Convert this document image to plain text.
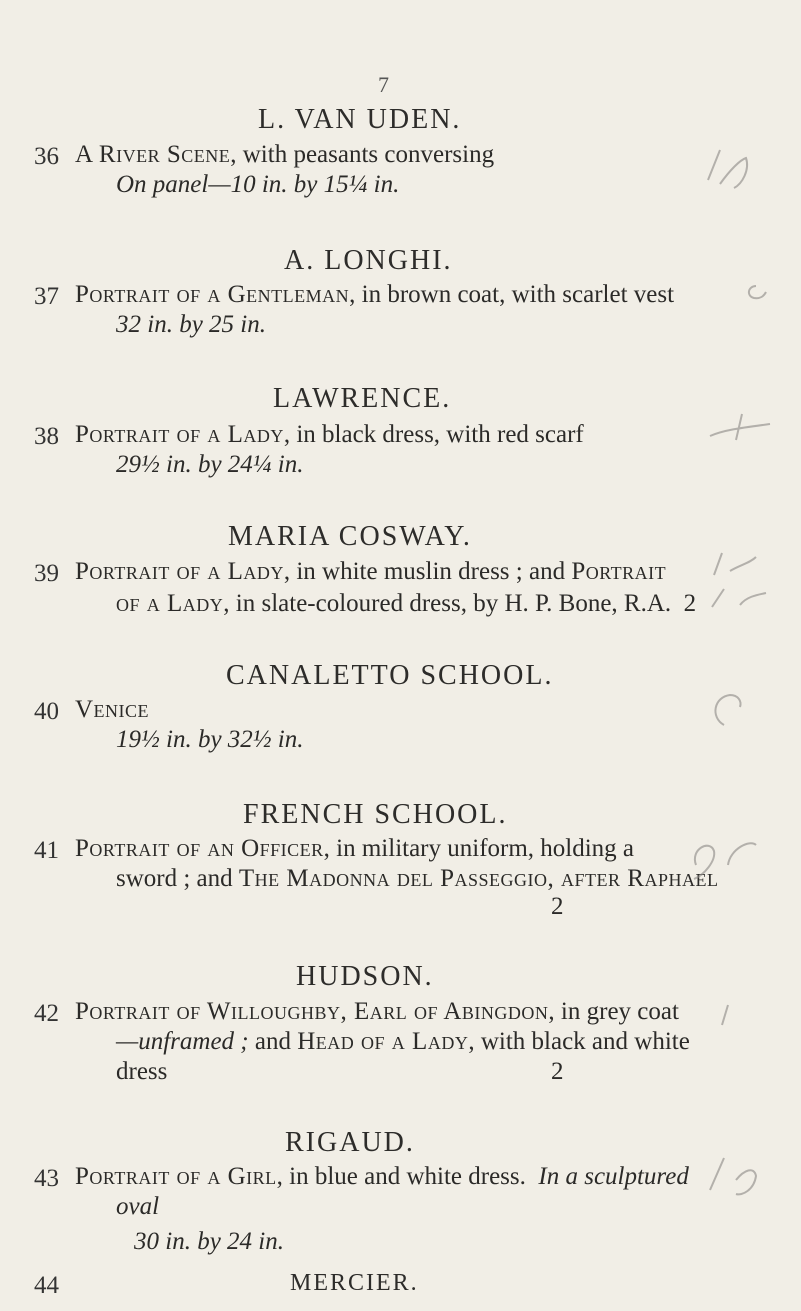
7
L. VAN UDEN.
36 A River Scene, with peasants conversing
On panel—10 in. by 15¼ in.
A. LONGHI.
37 Portrait of a Gentleman, in brown coat, with scarlet vest
32 in. by 25 in.
LAWRENCE.
38 Portrait of a Lady, in black dress, with red scarf
29½ in. by 24¼ in.
MARIA COSWAY.
39 Portrait of a Lady, in white muslin dress ; and Portrait
of a Lady, in slate-coloured dress, by H. P. Bone, R.A. 2
CANALETTO SCHOOL.
40 Venice
19½ in. by 32½ in.
FRENCH SCHOOL.
41 Portrait of an Officer, in military uniform, holding a
sword ; and The Madonna del Passeggio, after Raphael
2
HUDSON.
42 Portrait of Willoughby, Earl of Abingdon, in grey coat
—unframed ; and Head of a Lady, with black and white
dress	2
RIGAUD.
43 Portrait of a Girl, in blue and white dress. In a sculptured
oval
30 in. by 24 in.
44	MERCIER.
